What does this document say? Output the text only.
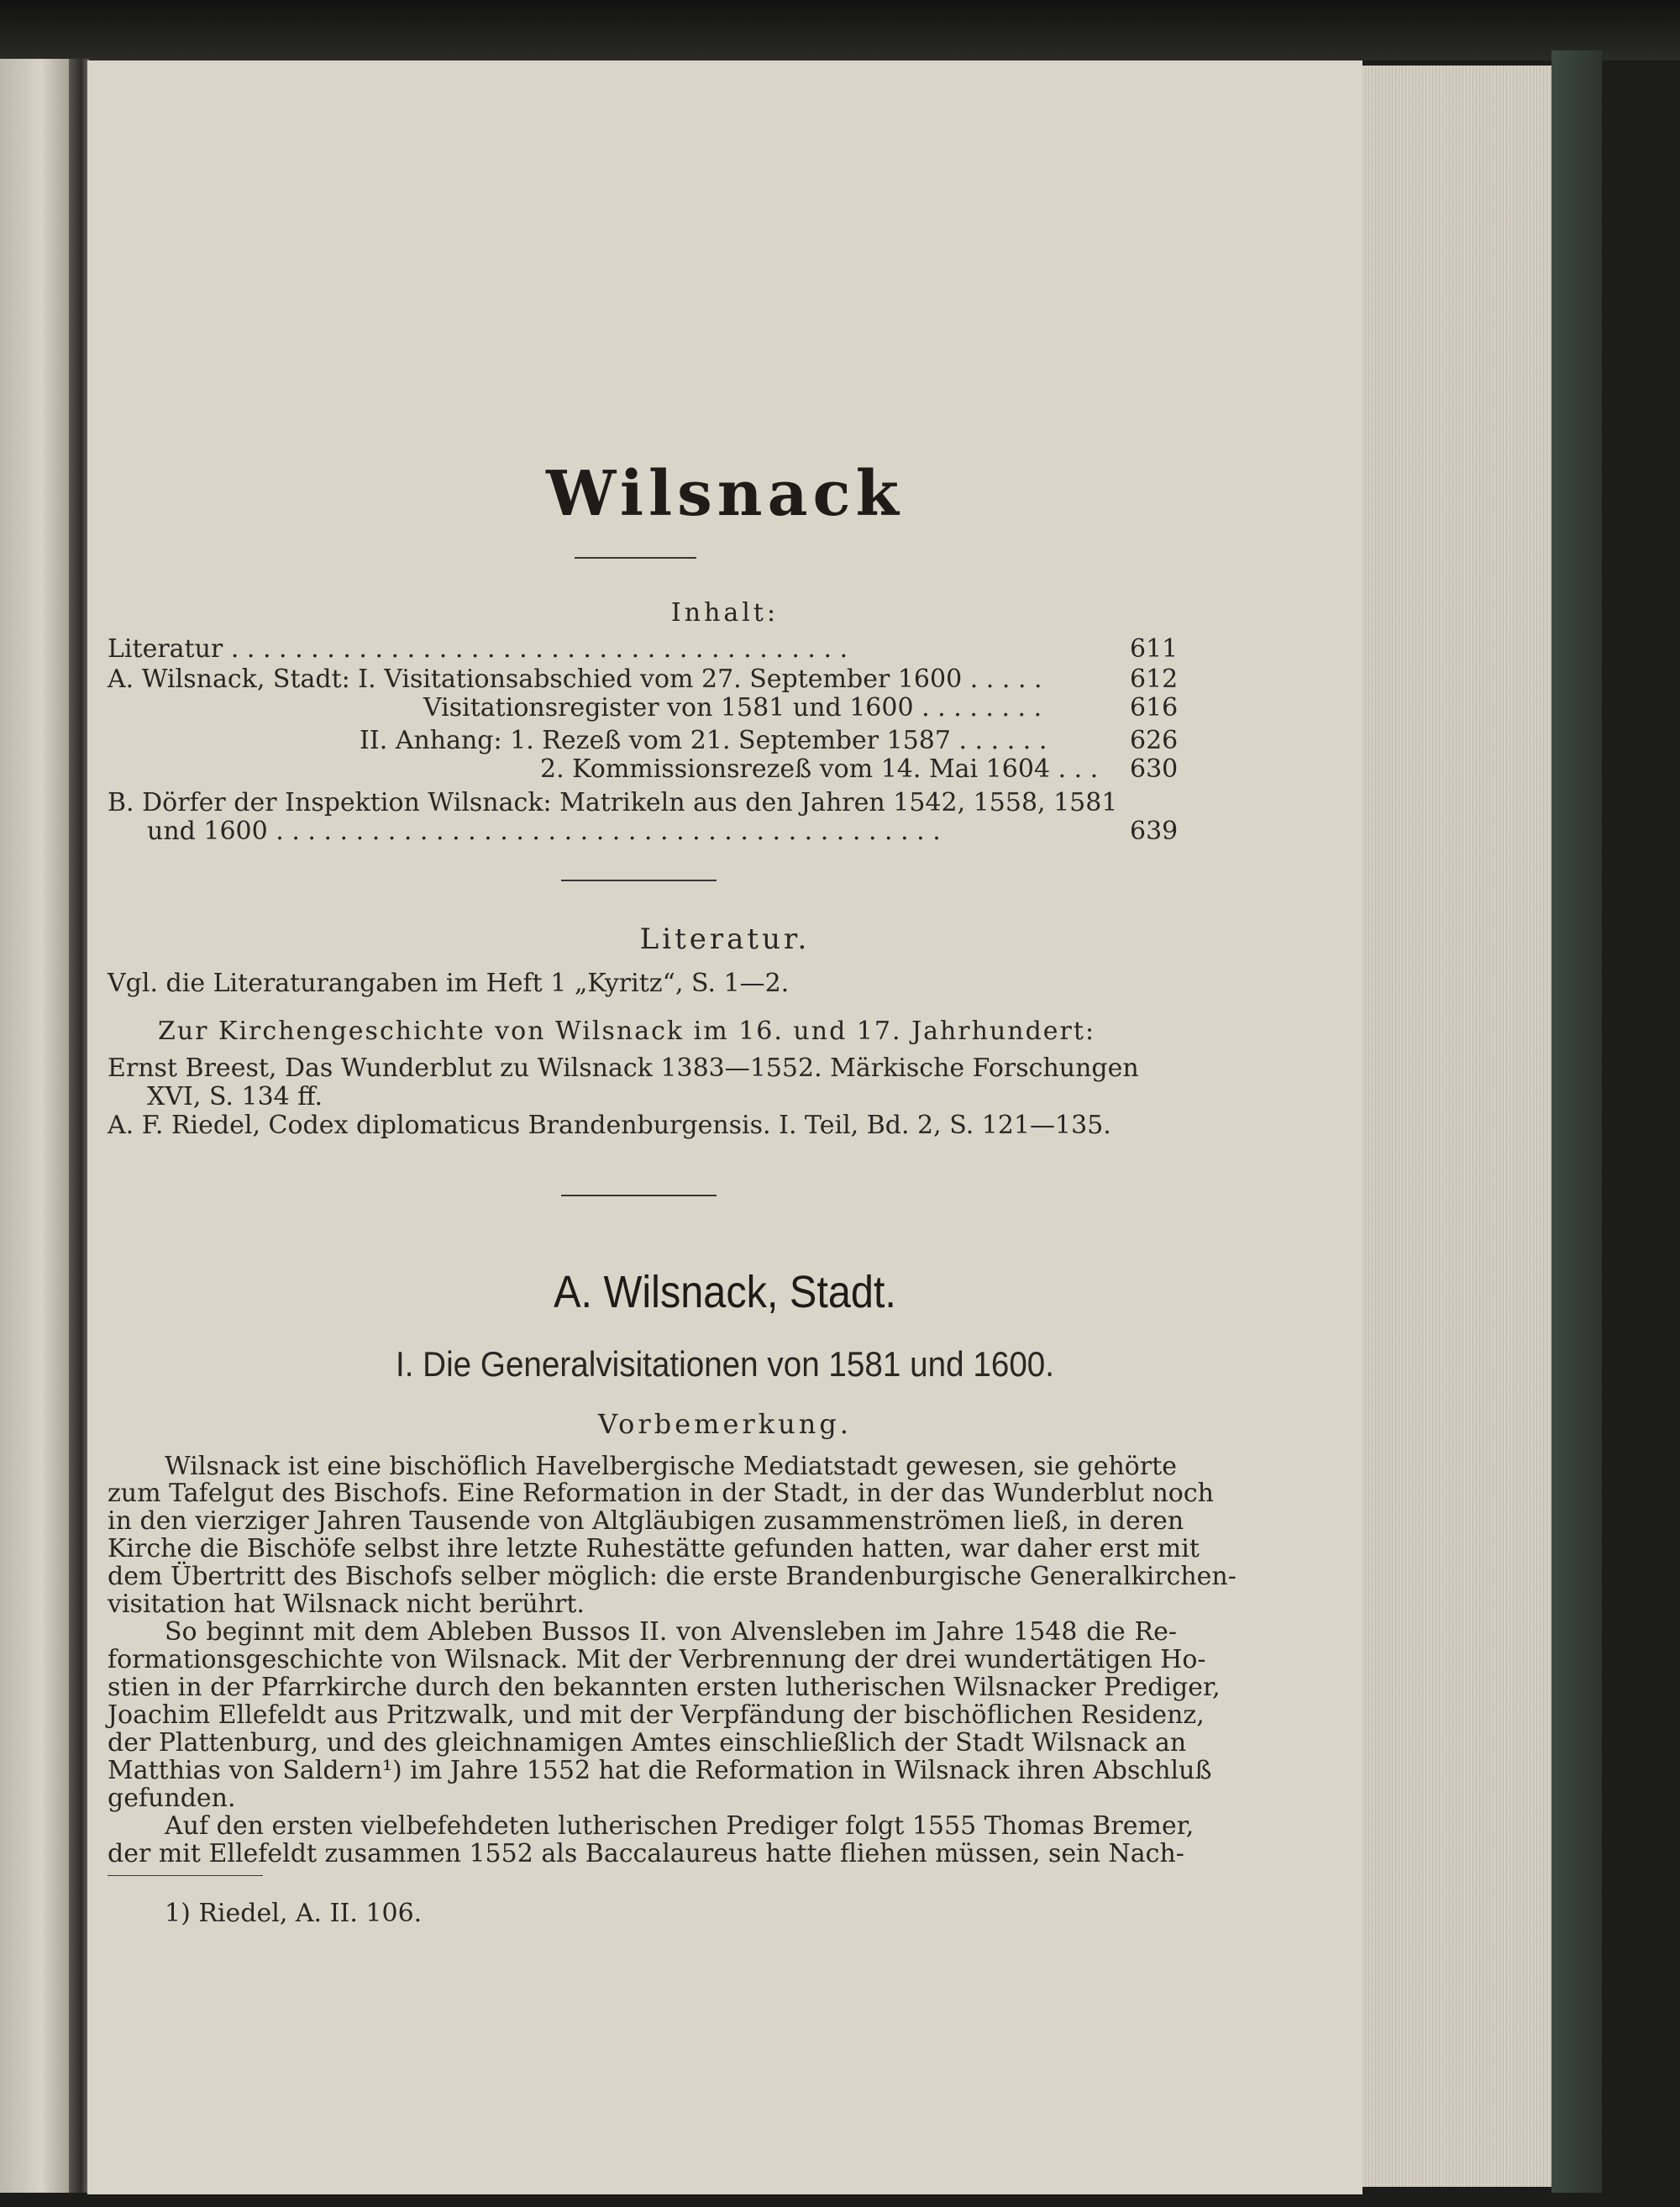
Wilsnack
Inhalt:
Literatur . . . . . . . . . . . . . . . . . . . . . . . . . . . . . . . . . . . . . . .	611
A. Wilsnack, Stadt: I. Visitationsabschied vom 27. September 1600 . . . . .	612
Visitationsregister von 1581 und 1600 . . . . . . . .	616
II. Anhang: 1. Rezeß vom 21. September 1587 . . . . . .	626
2. Kommissionsrezeß vom 14. Mai 1604 . . . 630
B. Dörfer der Inspektion Wilsnack: Matrikeln aus den Jahren 1542, 1558, 1581
und 1600 . . . . . . . . . . . . . . . . . . . . . . . . . . . . . . . . . . . . . . . . . .	639
Literatur.
Vgl. die Literaturangaben im Heft 1 „Kyritz“, S. 1—2.
Zur Kirchengeschichte von Wilsnack im 16. und 17. Jahrhundert:
Ernst Breest, Das Wunderblut zu Wilsnack 1383—1552. Märkische Forschungen
XVI, S. 134 ff.
A. F. Riedel, Codex diplomaticus Brandenburgensis. I. Teil, Bd. 2, S. 121—135.
A. Wilsnack, Stadt.
I. Die Generalvisitationen von 1581 und 1600.
Vorbemerkung.
Wilsnack ist eine bischöflich Havelbergische Mediatstadt gewesen, sie gehörte
zum Tafelgut des Bischofs. Eine Reformation in der Stadt, in der das Wunderblut noch
in den vierziger Jahren Tausende von Altgläubigen zusammenströmen ließ, in deren
Kirche die Bischöfe selbst ihre letzte Ruhestätte gefunden hatten, war daher erst mit
dem Übertritt des Bischofs selber möglich: die erste Brandenburgische Generalkirchen-
visitation hat Wilsnack nicht berührt.
So beginnt mit dem Ableben Bussos II. von Alvensleben im Jahre 1548 die Re-
formationsgeschichte von Wilsnack. Mit der Verbrennung der drei wundertätigen Ho-
stien in der Pfarrkirche durch den bekannten ersten lutherischen Wilsnacker Prediger,
Joachim Ellefeldt aus Pritzwalk, und mit der Verpfändung der bischöflichen Residenz,
der Plattenburg, und des gleichnamigen Amtes einschließlich der Stadt Wilsnack an
Matthias von Saldern¹) im Jahre 1552 hat die Reformation in Wilsnack ihren Abschluß
gefunden.
Auf den ersten vielbefehdeten lutherischen Prediger folgt 1555 Thomas Bremer,
der mit Ellefeldt zusammen 1552 als Baccalaureus hatte fliehen müssen, sein Nach-
1) Riedel, A. II. 106.
